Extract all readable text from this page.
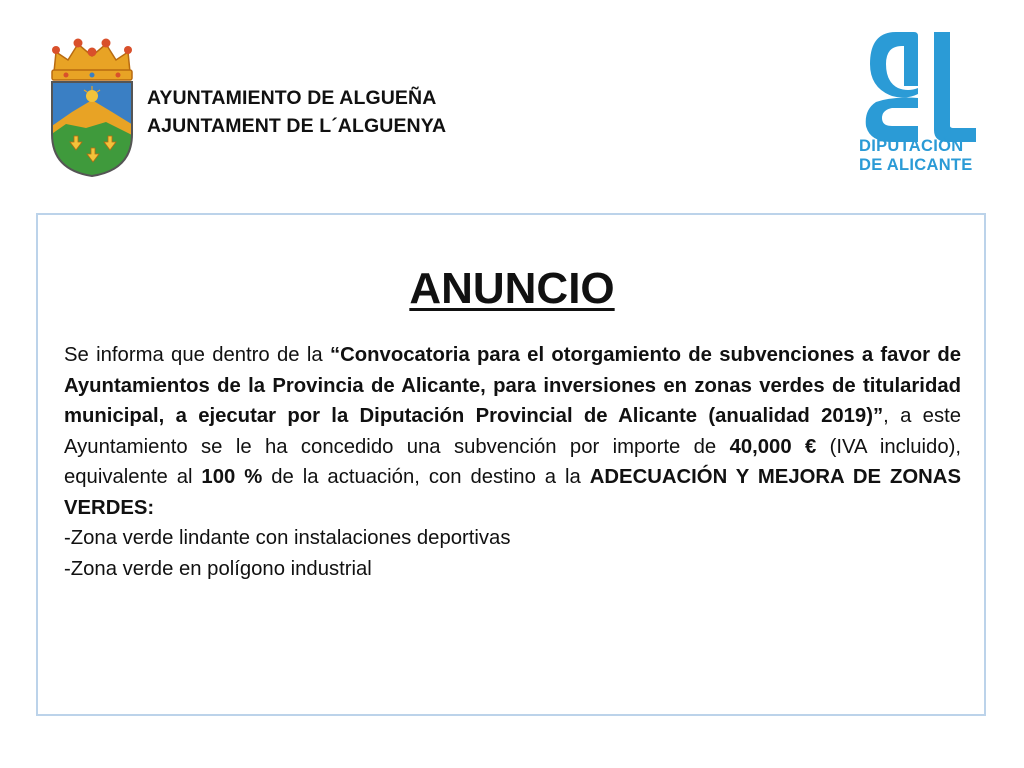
AYUNTAMIENTO DE ALGUEÑA
AJUNTAMENT DE L´ALGUENYA
DIPUTACIÓN
DE ALICANTE
ANUNCIO

Se informa que dentro de la “Convocatoria para el otorgamiento de subvenciones a favor de Ayuntamientos de la Provincia de Alicante, para inversiones en zonas verdes de titularidad municipal, a ejecutar por la Diputación Provincial de Alicante (anualidad 2019)”, a este Ayuntamiento se le ha concedido una subvención por importe de 40,000 € (IVA incluido), equivalente al 100 % de la actuación, con destino a la ADECUACIÓN Y MEJORA DE ZONAS VERDES:

-Zona verde lindante con instalaciones deportivas
-Zona verde en polígono industrial
